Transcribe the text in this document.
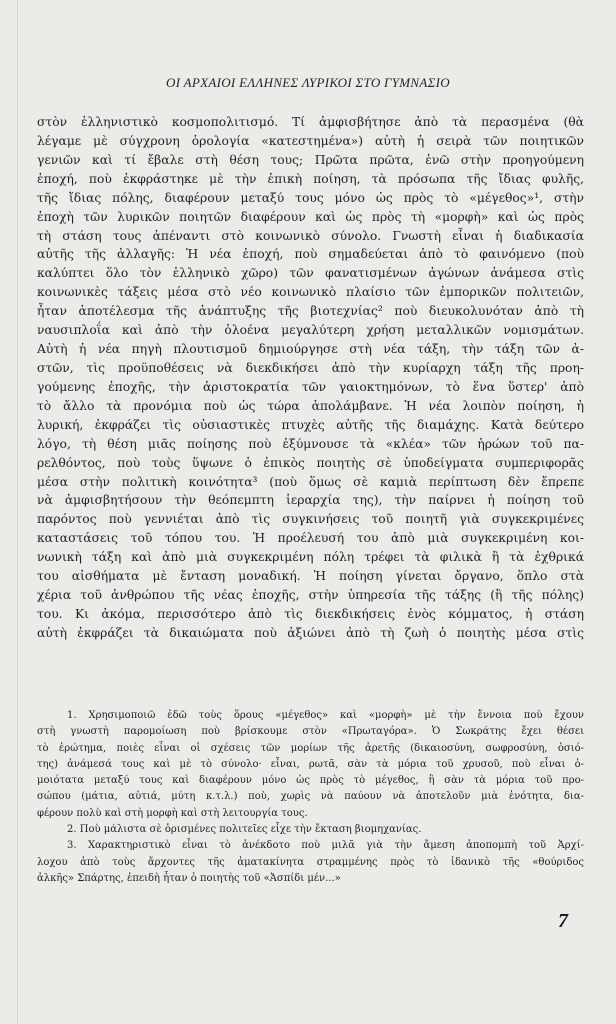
ΟΙ ΑΡΧΑΙΟΙ ΕΛΛΗΝΕΣ ΛΥΡΙΚΟΙ ΣΤΟ ΓΥΜΝΑΣΙΟ
στὸν ἑλληνιστικὸ κοσμοπολιτισμό. Τί ἀμφισβήτησε ἀπὸ τὰ περασμένα (θὰ
λέγαμε μὲ σύγχρονη ὁρολογία «κατεστημένα») αὐτὴ ἡ σειρὰ τῶν ποιητικῶν
γενιῶν καὶ τί ἔβαλε στὴ θέση τους; Πρῶτα πρῶτα, ἐνῶ στὴν προηγούμενη
ἐποχή, ποὺ ἐκφράστηκε μὲ τὴν ἐπικὴ ποίηση, τὰ πρόσωπα τῆς ἴδιας φυλῆς,
τῆς ἴδιας πόλης, διαφέρουν μεταξύ τους μόνο ὡς πρὸς τὸ «μέγεθος»¹, στὴν
ἐποχὴ τῶν λυρικῶν ποιητῶν διαφέρουν καὶ ὡς πρὸς τὴ «μορφὴ» καὶ ὡς πρὸς
τὴ στάση τους ἀπέναντι στὸ κοινωνικὸ σύνολο. Γνωστὴ εἶναι ἡ διαδικασία
αὐτῆς τῆς ἀλλαγῆς: Ἡ νέα ἐποχή, ποὺ σημαδεύεται ἀπὸ τὸ φαινόμενο (ποὺ
καλύπτει ὅλο τὸν ἑλληνικὸ χῶρο) τῶν φανατισμένων ἀγώνων ἀνάμεσα στὶς
κοινωνικὲς τάξεις μέσα στὸ νέο κοινωνικὸ πλαίσιο τῶν ἐμπορικῶν πολιτειῶν,
ἦταν ἀποτέλεσμα τῆς ἀνάπτυξης τῆς βιοτεχνίας² ποὺ διευκολυνόταν ἀπὸ τὴ
ναυσιπλοΐα καὶ ἀπὸ τὴν ὁλοένα μεγαλύτερη χρήση μεταλλικῶν νομισμάτων.
Αὐτὴ ἡ νέα πηγὴ πλουτισμοῦ δημιούργησε στὴ νέα τάξη, τὴν τάξη τῶν ἀ-
στῶν, τὶς προϋποθέσεις νὰ διεκδικήσει ἀπὸ τὴν κυρίαρχη τάξη τῆς προη-
γούμενης ἐποχῆς, τὴν ἀριστοκρατία τῶν γαιοκτημόνων, τὸ ἕνα ὕστερ' ἀπὸ
τὸ ἄλλο τὰ προνόμια ποὺ ὡς τώρα ἀπολάμβανε. Ἡ νέα λοιπὸν ποίηση, ἡ
λυρική, ἐκφράζει τὶς οὐσιαστικὲς πτυχὲς αὐτῆς τῆς διαμάχης. Κατὰ δεύτερο
λόγο, τὴ θέση μιᾶς ποίησης ποὺ ἐξύμνουσε τὰ «κλέα» τῶν ἡρώων τοῦ πα-
ρελθόντος, ποὺ τοὺς ὕψωνε ὁ ἐπικὸς ποιητὴς σὲ ὑποδείγματα συμπεριφορᾶς
μέσα στὴν πολιτικὴ κοινότητα³ (ποὺ ὅμως σὲ καμιὰ περίπτωση δὲν ἔπρεπε
νὰ ἀμφισβητήσουν τὴν θεόπεμπτη ἱεραρχία της), τὴν παίρνει ἡ ποίηση τοῦ
παρόντος ποὺ γεννιέται ἀπὸ τὶς συγκινήσεις τοῦ ποιητῆ γιὰ συγκεκριμένες
καταστάσεις τοῦ τόπου του. Ἡ προέλευσή του ἀπὸ μιὰ συγκεκριμένη κοι-
νωνικὴ τάξη καὶ ἀπὸ μιὰ συγκεκριμένη πόλη τρέφει τὰ φιλικὰ ἢ τὰ ἐχθρικά
του αἰσθήματα μὲ ἔνταση μοναδική. Ἡ ποίηση γίνεται ὄργανο, ὅπλο στὰ
χέρια τοῦ ἀνθρώπου τῆς νέας ἐποχῆς, στὴν ὑπηρεσία τῆς τάξης (ἢ τῆς πόλης)
του. Κι ἀκόμα, περισσότερο ἀπὸ τὶς διεκδικήσεις ἑνὸς κόμματος, ἡ στάση
αὐτὴ ἐκφράζει τὰ δικαιώματα ποὺ ἀξιώνει ἀπὸ τὴ ζωὴ ὁ ποιητὴς μέσα στὶς
1. Χρησιμοποιῶ ἐδῶ τοὺς ὅρους «μέγεθος» καὶ «μορφὴ» μὲ τὴν ἔννοια ποὺ ἔχουν
στὴ γνωστὴ παρομοίωση ποὺ βρίσκουμε στὸν «Πρωταγόρα». Ὁ Σωκράτης ἔχει θέσει
τὸ ἐρώτημα, ποιὲς εἶναι οἱ σχέσεις τῶν μορίων τῆς ἀρετῆς (δικαιοσύνη, σωφροσύνη, ὁσιό-
της) ἀνάμεσά τους καὶ μὲ τὸ σύνολο· εἶναι, ρωτᾶ, σὰν τὰ μόρια τοῦ χρυσοῦ, ποὺ εἶναι ὁ-
μοιότατα μεταξύ τους καὶ διαφέρουν μόνο ὡς πρὸς τὸ μέγεθος, ἢ σὰν τὰ μόρια τοῦ προ-
σώπου (μάτια, αὐτιά, μύτη κ.τ.λ.) ποὺ, χωρὶς νὰ παύουν νὰ ἀποτελοῦν μιὰ ἑνότητα, δια-
φέρουν πολὺ καὶ στὴ μορφὴ καὶ στὴ λειτουργία τους.
2. Ποὺ μάλιστα σὲ ὁρισμένες πολιτεῖες εἶχε τὴν ἔκταση βιομηχανίας.
3. Χαρακτηριστικὸ εἶναι τὸ ἀνέκδοτο ποὺ μιλᾶ γιὰ τὴν ἄμεση ἀποπομπὴ τοῦ Ἀρχί-
λοχου ἀπὸ τοὺς ἄρχοντες τῆς ἀματακίνητα στραμμένης πρὸς τὸ ἰδανικὸ τῆς «θούριδος
ἀλκῆς» Σπάρτης, ἐπειδὴ ἦταν ὁ ποιητὴς τοῦ «Ἀσπίδι μέν...»
7
